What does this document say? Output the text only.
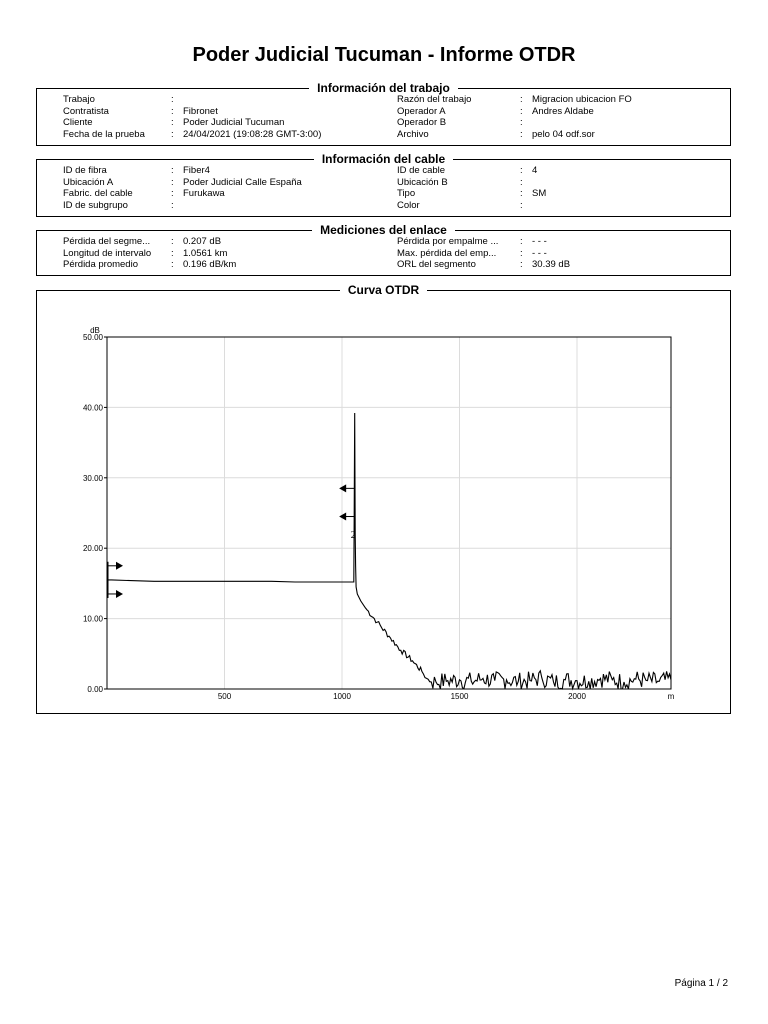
Poder Judicial Tucuman - Informe OTDR
Información del trabajo
Trabajo	:	Razón del trabajo	: Migracion ubicacion FO
Contratista	: Fibronet	Operador A	: Andres Aldabe
Cliente	: Poder Judicial Tucuman	Operador B	:
Fecha de la prueba	: 24/04/2021 (19:08:28 GMT-3:00)	Archivo	: pelo 04 odf.sor
Información del cable
ID de fibra	: Fiber4	ID de cable	: 4
Ubicación A	: Poder Judicial Calle España	Ubicación B	:
Fabric. del cable	: Furukawa	Tipo	: SM
ID de subgrupo	:	Color	:
Mediciones del enlace
Pérdida del segme... : 0.207 dB	Pérdida por empalme ... : - - -
Longitud de intervalo : 1.0561 km	Max. pérdida del emp... : - - -
Pérdida promedio	: 0.196 dB/km	ORL del segmento	: 30.39 dB
Curva OTDR
0.00
10.00
20.00
30.00
40.00
50.00
500	1000	1500	2000
dB
m
2
Página 1 / 2
